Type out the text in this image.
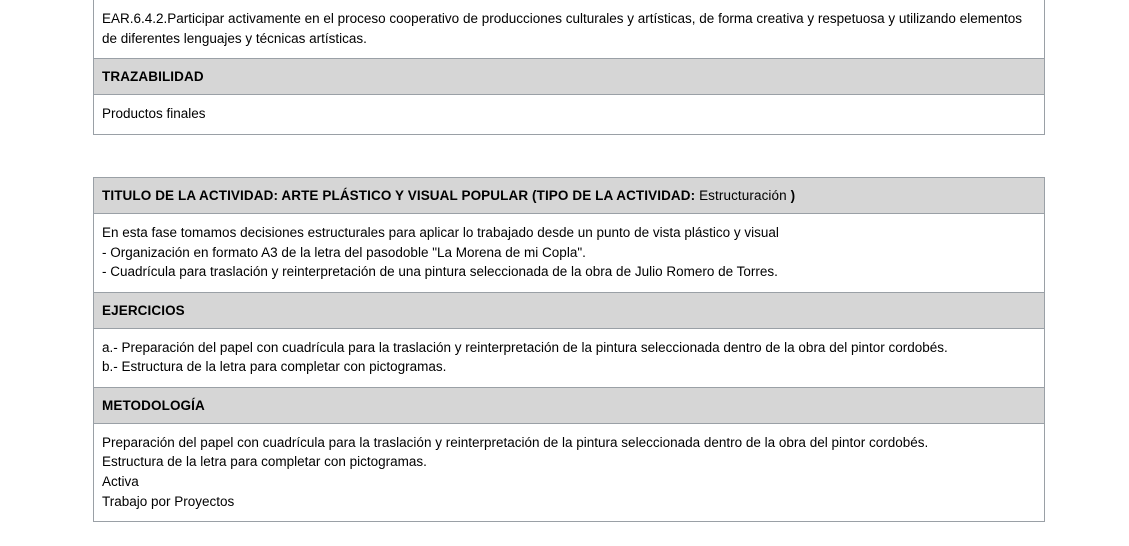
EAR.6.4.2.Participar activamente en el proceso cooperativo de producciones culturales y artísticas, de forma creativa y respetuosa y utilizando elementos de diferentes lenguajes y técnicas artísticas.
TRAZABILIDAD
Productos finales
TITULO DE LA ACTIVIDAD: ARTE PLÁSTICO Y VISUAL POPULAR (TIPO DE LA ACTIVIDAD: Estructuración )
En esta fase tomamos decisiones estructurales para aplicar lo trabajado desde un punto de vista plástico y visual
- Organización en formato A3 de la letra del pasodoble "La Morena de mi Copla".
- Cuadrícula para traslación y reinterpretación de una pintura seleccionada de la obra de Julio Romero de Torres.
EJERCICIOS
a.- Preparación del papel con cuadrícula para la traslación y reinterpretación de la pintura seleccionada dentro de la obra del pintor cordobés.
b.- Estructura de la letra para completar con pictogramas.
METODOLOGÍA
Preparación del papel con cuadrícula para la traslación y reinterpretación de la pintura seleccionada dentro de la obra del pintor cordobés.
Estructura de la letra para completar con pictogramas.
Activa
Trabajo por Proyectos
